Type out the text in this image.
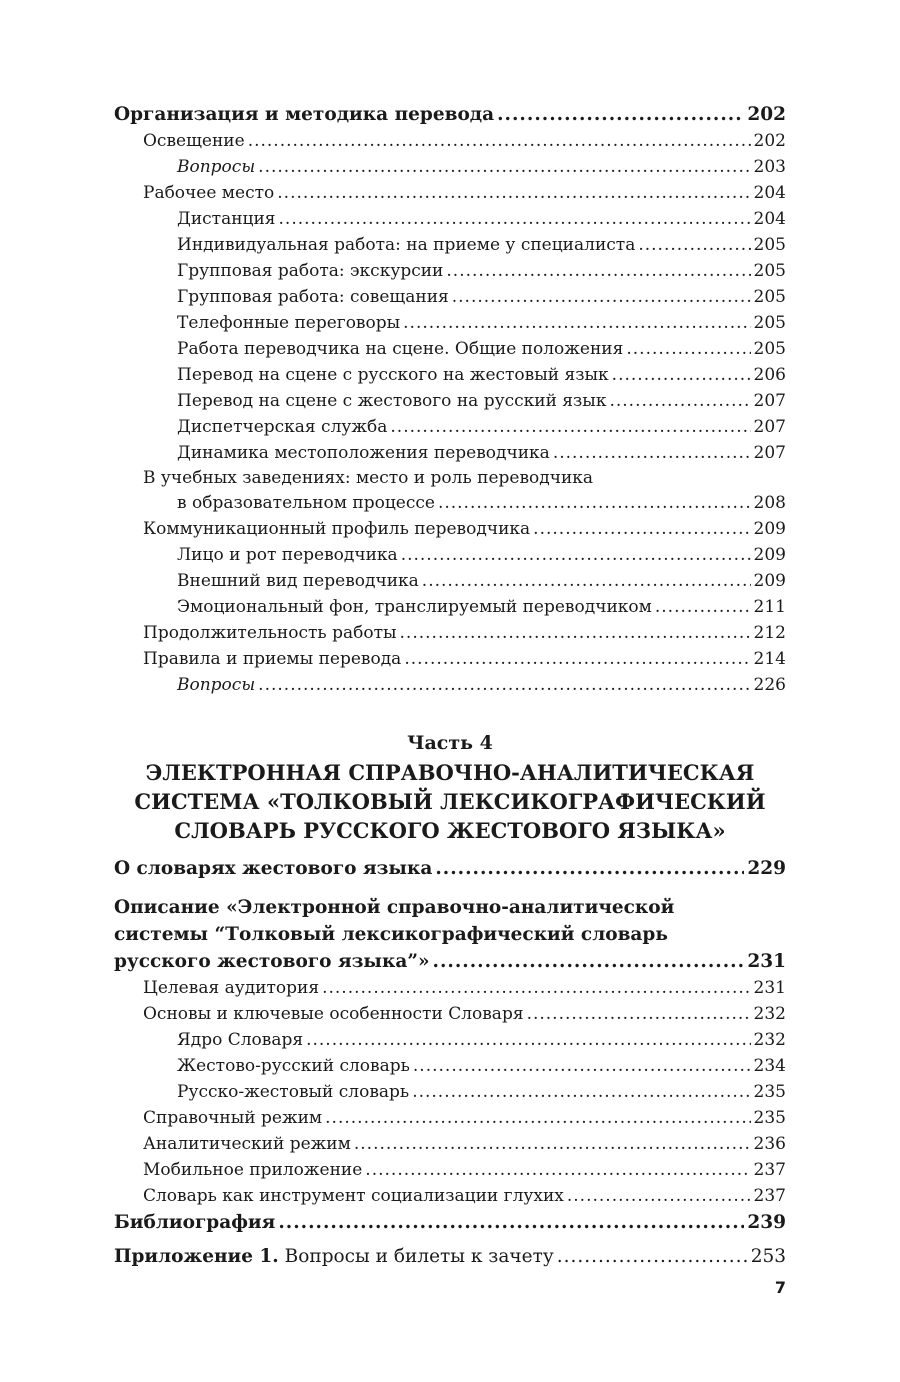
Организация и методика перевода .....	202
Освещение .....	202
Вопросы .....	203
Рабочее место .....	204
Дистанция .....	204
Индивидуальная работа: на приеме у специалиста .....	205
Групповая работа: экскурсии .....	205
Групповая работа: совещания .....	205
Телефонные переговоры .....	205
Работа переводчика на сцене. Общие положения .....	205
Перевод на сцене с русского на жестовый язык .....	206
Перевод на сцене с жестового на русский язык .....	207
Диспетчерская служба .....	207
Динамика местоположения переводчика .....	207
В учебных заведениях: место и роль переводчика
в образовательном процессе .....	208
Коммуникационный профиль переводчика .....	209
Лицо и рот переводчика .....	209
Внешний вид переводчика .....	209
Эмоциональный фон, транслируемый переводчиком .....	211
Продолжительность работы .....	212
Правила и приемы перевода .....	214
Вопросы .....	226
Часть 4
ЭЛЕКТРОННАЯ СПРАВОЧНО-АНАЛИТИЧЕСКАЯ
СИСТЕМА «ТОЛКОВЫЙ ЛЕКСИКОГРАФИЧЕСКИЙ
СЛОВАРЬ РУССКОГО ЖЕСТОВОГО ЯЗЫКА»
О словарях жестового языка .....	229
Описание «Электронной справочно-аналитической
системы “Толковый лексикографический словарь
русского жестового языка”» .....	231
Целевая аудитория .....	231
Основы и ключевые особенности Словаря .....	232
Ядро Словаря .....	232
Жестово-русский словарь .....	234
Русско-жестовый словарь .....	235
Справочный режим .....	235
Аналитический режим .....	236
Мобильное приложение .....	237
Словарь как инструмент социализации глухих .....	237
Библиография .....	239
Приложение 1. Вопросы и билеты к зачету .....	253
7
